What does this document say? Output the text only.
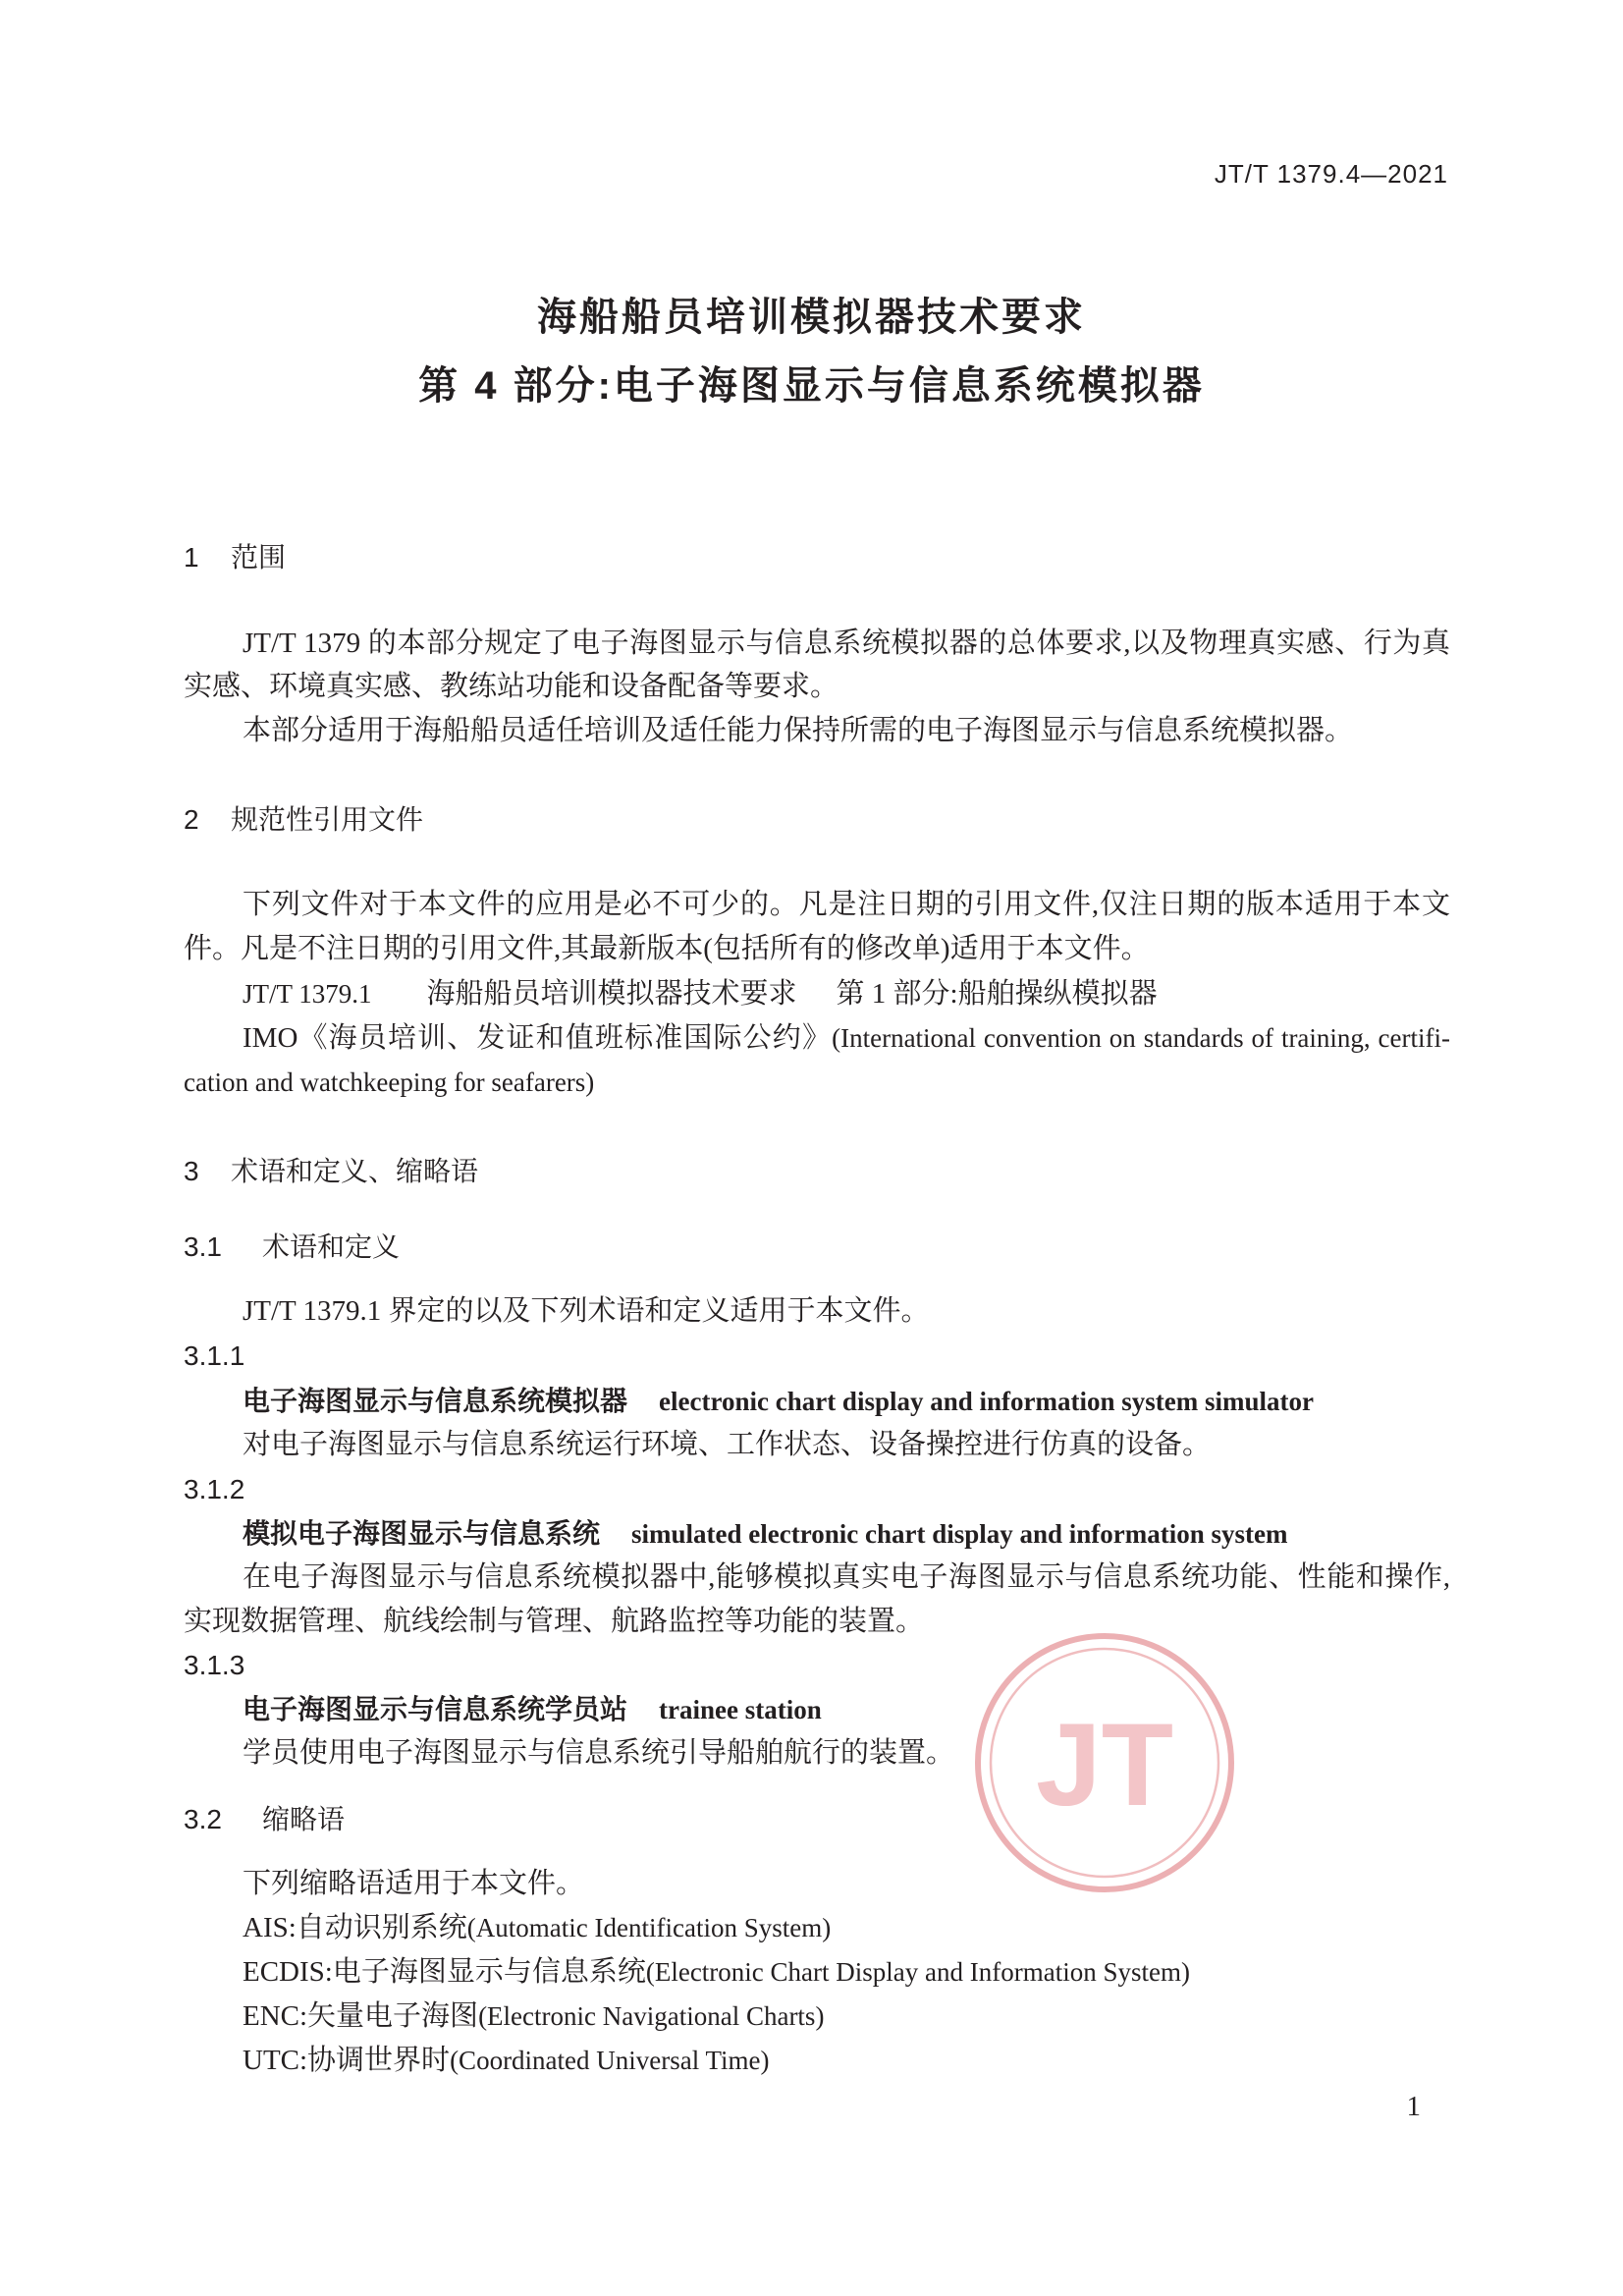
JT/T 1379.4—2021
海船船员培训模拟器技术要求
第 4 部分:电子海图显示与信息系统模拟器
1 范围
JT/T 1379 的本部分规定了电子海图显示与信息系统模拟器的总体要求,以及物理真实感、行为真
实感、环境真实感、教练站功能和设备配备等要求。
本部分适用于海船船员适任培训及适任能力保持所需的电子海图显示与信息系统模拟器。
2 规范性引用文件
下列文件对于本文件的应用是必不可少的。凡是注日期的引用文件,仅注日期的版本适用于本文
件。凡是不注日期的引用文件,其最新版本(包括所有的修改单)适用于本文件。
JT/T 1379.1 海船船员培训模拟器技术要求 第 1 部分:船舶操纵模拟器
IMO《海员培训、发证和值班标准国际公约》(International convention on standards of training, certifi-
cation and watchkeeping for seafarers)
3 术语和定义、缩略语
3.1 术语和定义
JT/T 1379.1 界定的以及下列术语和定义适用于本文件。
3.1.1
电子海图显示与信息系统模拟器 electronic chart display and information system simulator
对电子海图显示与信息系统运行环境、工作状态、设备操控进行仿真的设备。
3.1.2
模拟电子海图显示与信息系统 simulated electronic chart display and information system
在电子海图显示与信息系统模拟器中,能够模拟真实电子海图显示与信息系统功能、性能和操作,
实现数据管理、航线绘制与管理、航路监控等功能的装置。
3.1.3
电子海图显示与信息系统学员站 trainee station
学员使用电子海图显示与信息系统引导船舶航行的装置。 JT
3.2 缩略语
下列缩略语适用于本文件。
AIS:自动识别系统(Automatic Identification System)
ECDIS:电子海图显示与信息系统(Electronic Chart Display and Information System)
ENC:矢量电子海图(Electronic Navigational Charts)
UTC:协调世界时(Coordinated Universal Time)
1
